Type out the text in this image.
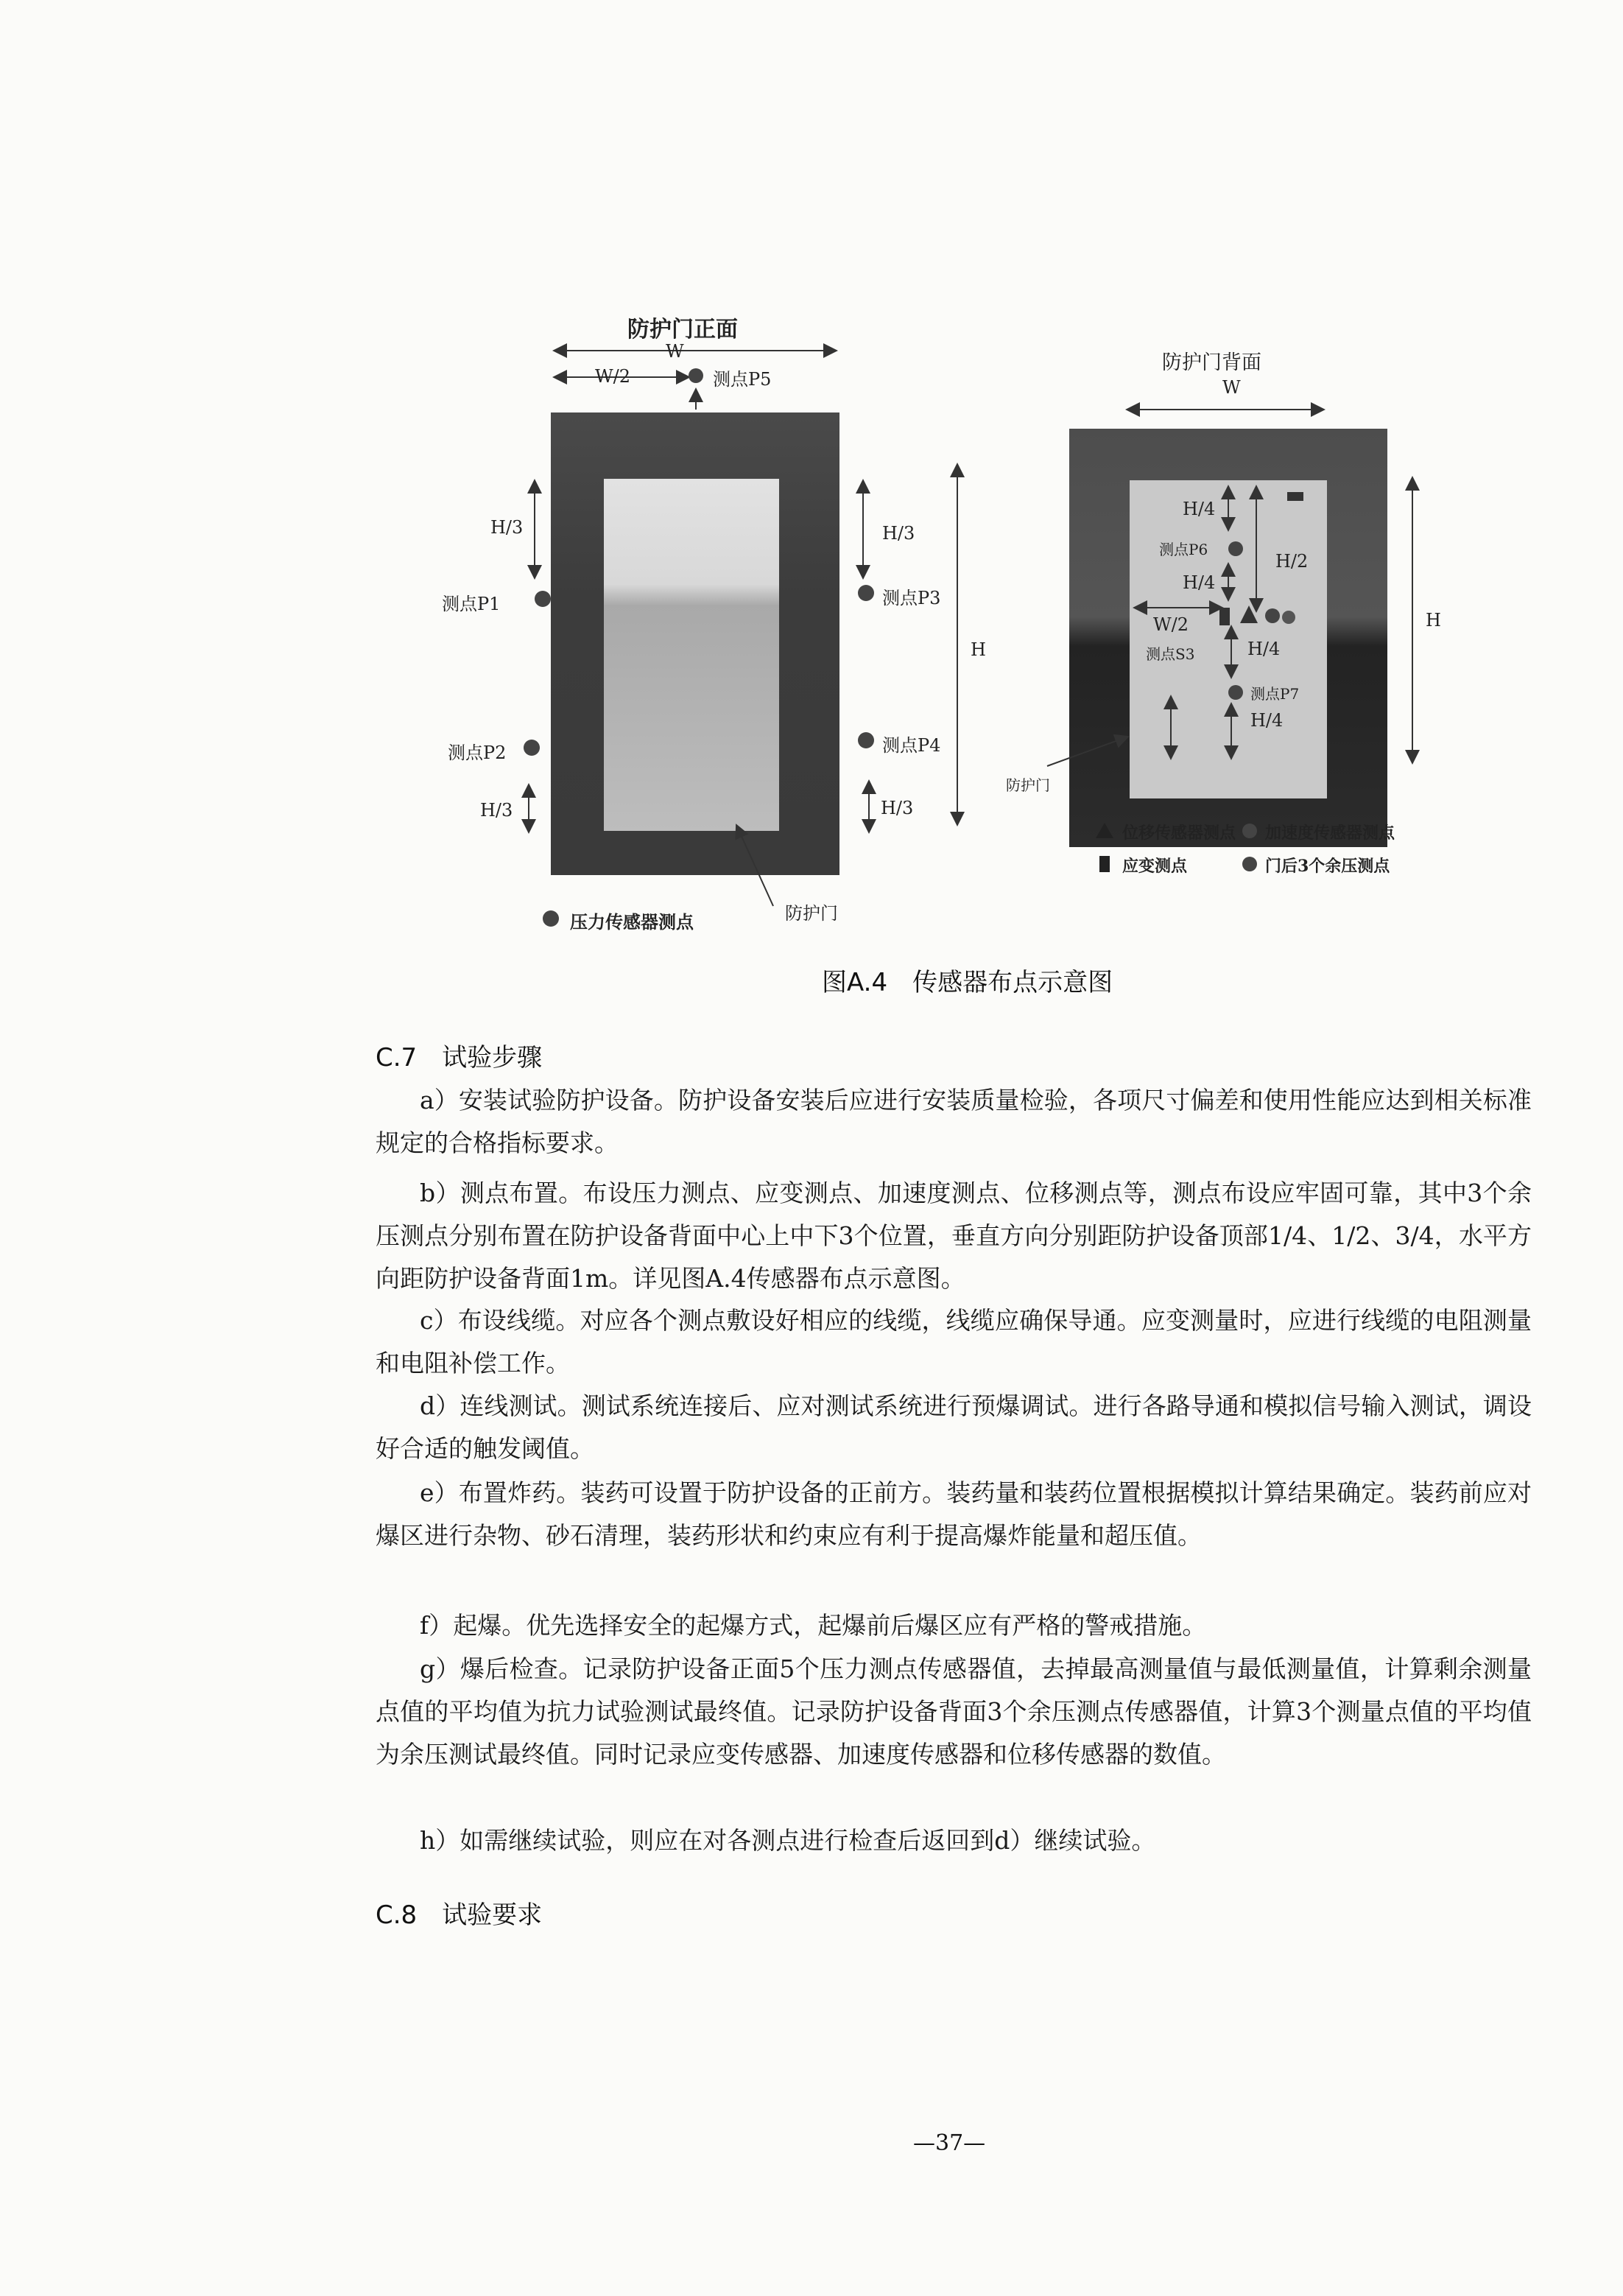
防护门正面
W
W/2	测点P5
H/3	H/3
测点P1	测点P3
H
测点P2	测点P4
H/3	H/3
防护门
压力传感器测点
防护门背面
W
H/4
测点P6
H/2
H/4
W/2
测点S3	H/4
测点P7
H/4
H
防护门
位移传感器测点 加速度传感器测点
应变测点	门后3个余压测点
图A.4　传感器布点示意图
C.7　试验步骤

a）安装试验防护设备。防护设备安装后应进行安装质量检验，各项尺寸偏差和使用性能应达到相关标准规定的合格指标要求。

b）测点布置。布设压力测点、应变测点、加速度测点、位移测点等，测点布设应牢固可靠，其中3个余压测点分别布置在防护设备背面中心上中下3个位置，垂直方向分别距防护设备顶部1/4、1/2、3/4，水平方向距防护设备背面1m。详见图A.4传感器布点示意图。

c）布设线缆。对应各个测点敷设好相应的线缆，线缆应确保导通。应变测量时，应进行线缆的电阻测量和电阻补偿工作。

d）连线测试。测试系统连接后、应对测试系统进行预爆调试。进行各路导通和模拟信号输入测试，调设好合适的触发阈值。

e）布置炸药。装药可设置于防护设备的正前方。装药量和装药位置根据模拟计算结果确定。装药前应对爆区进行杂物、砂石清理，装药形状和约束应有利于提高爆炸能量和超压值。

f）起爆。优先选择安全的起爆方式，起爆前后爆区应有严格的警戒措施。

g）爆后检查。记录防护设备正面5个压力测点传感器值，去掉最高测量值与最低测量值，计算剩余测量点值的平均值为抗力试验测试最终值。记录防护设备背面3个余压测点传感器值，计算3个测量点值的平均值为余压测试最终值。同时记录应变传感器、加速度传感器和位移传感器的数值。

h）如需继续试验，则应在对各测点进行检查后返回到d）继续试验。

C.8　试验要求
—37—
